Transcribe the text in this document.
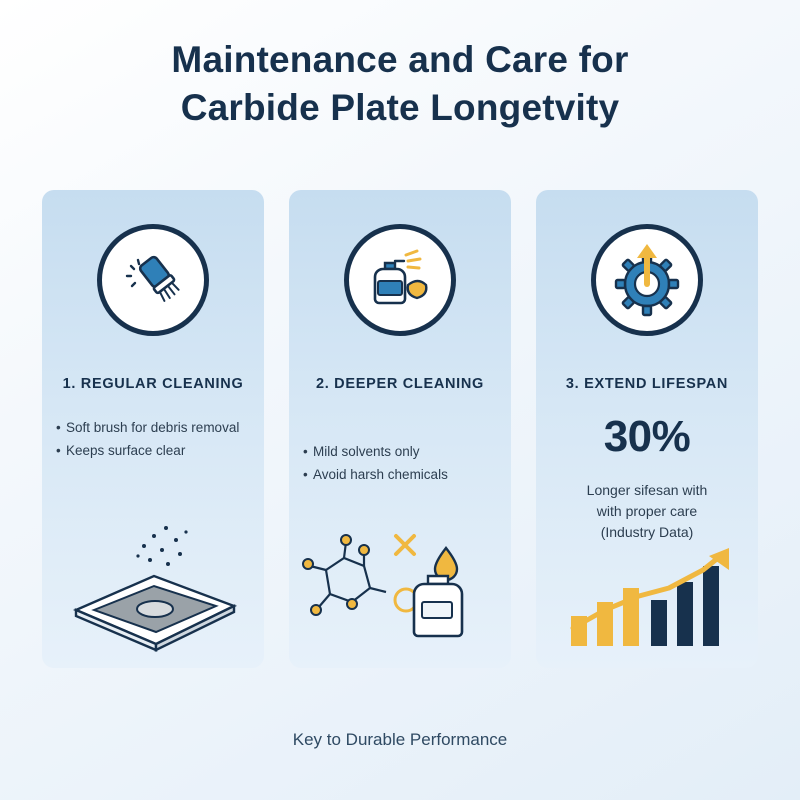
Maintenance and Care for
Carbide Plate Longetvity
1. REGULAR CLEANING
• Soft brush for debris removal
• Keeps surface clear
2. DEEPER CLEANING
• Mild solvents only
• Avoid harsh chemicals
3. EXTEND LIFESPAN
30%
Longer sifesan with
with proper care
(Industry Data)
Key to Durable Performance
